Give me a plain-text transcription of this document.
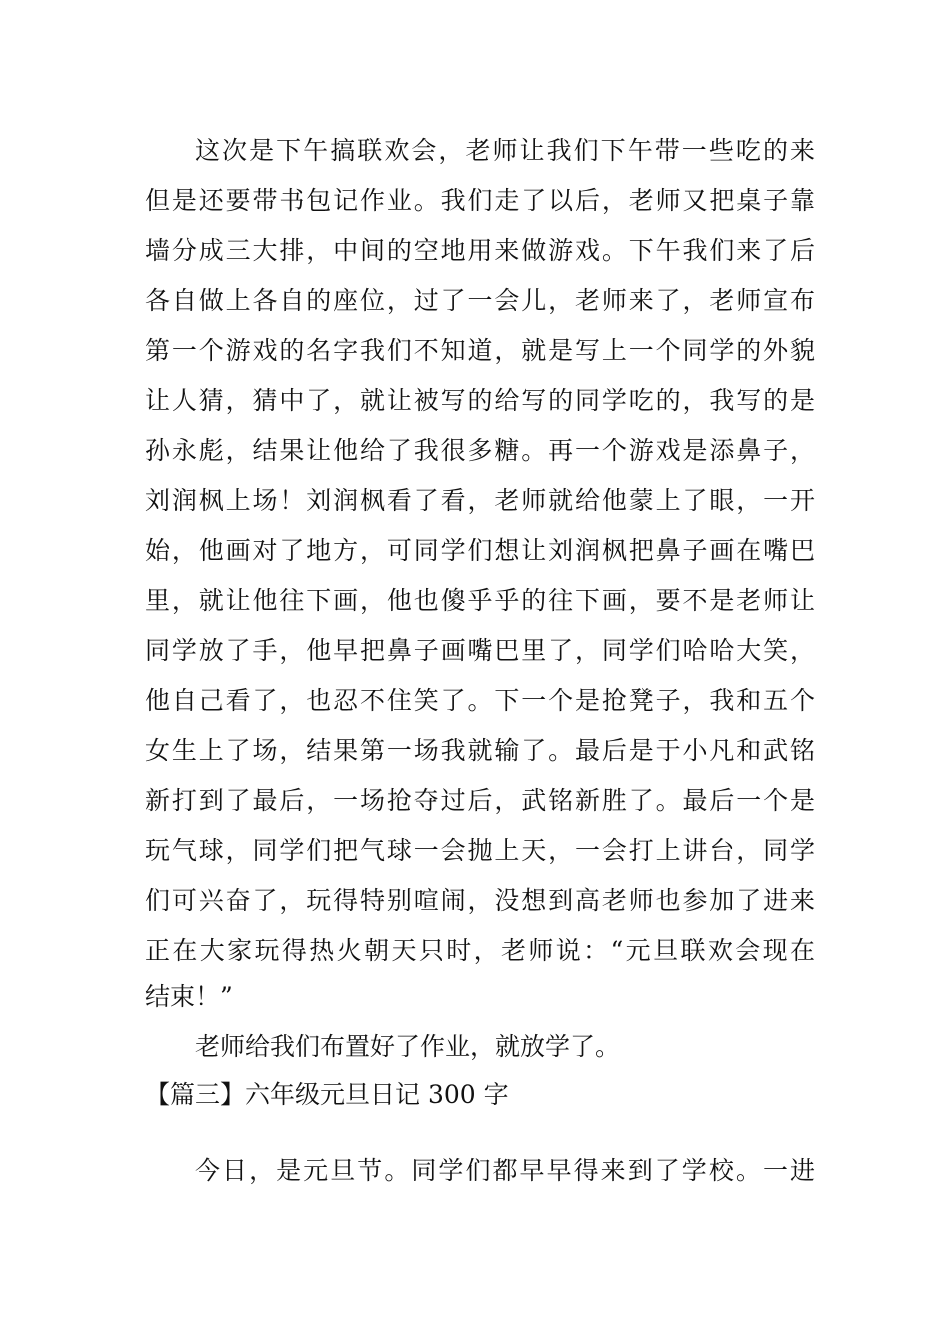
这次是下午搞联欢会，老师让我们下午带一些吃的来
但是还要带书包记作业。我们走了以后，老师又把桌子靠
墙分成三大排，中间的空地用来做游戏。下午我们来了后
各自做上各自的座位，过了一会儿，老师来了，老师宣布
第一个游戏的名字我们不知道，就是写上一个同学的外貌
让人猜，猜中了，就让被写的给写的同学吃的，我写的是
孙永彪，结果让他给了我很多糖。再一个游戏是添鼻子，
刘润枫上场！刘润枫看了看，老师就给他蒙上了眼，一开
始，他画对了地方，可同学们想让刘润枫把鼻子画在嘴巴
里，就让他往下画，他也傻乎乎的往下画，要不是老师让
同学放了手，他早把鼻子画嘴巴里了，同学们哈哈大笑，
他自己看了，也忍不住笑了。下一个是抢凳子，我和五个
女生上了场，结果第一场我就输了。最后是于小凡和武铭
新打到了最后，一场抢夺过后，武铭新胜了。最后一个是
玩气球，同学们把气球一会抛上天，一会打上讲台，同学
们可兴奋了，玩得特别喧闹，没想到高老师也参加了进来
正在大家玩得热火朝天只时，老师说：“元旦联欢会现在
结束！”
老师给我们布置好了作业，就放学了。
【篇三】六年级元旦日记 300 字
今日，是元旦节。同学们都早早得来到了学校。一进
